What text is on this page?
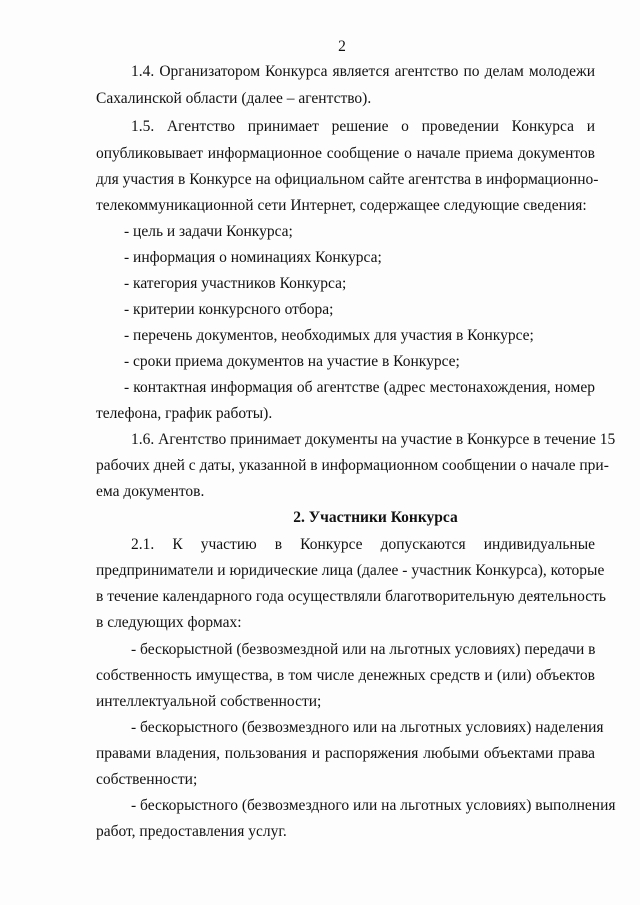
2
1.4. Организатором Конкурса является агентство по делам молодежи
Сахалинской области (далее – агентство).
1.5. Агентство принимает решение о проведении Конкурса и
опубликовывает информационное сообщение о начале приема документов
для участия в Конкурсе на официальном сайте агентства в информационно-
телекоммуникационной сети Интернет, содержащее следующие сведения:
- цель и задачи Конкурса;
- информация о номинациях Конкурса;
- категория участников Конкурса;
- критерии конкурсного отбора;
- перечень документов, необходимых для участия в Конкурсе;
- сроки приема документов на участие в Конкурсе;
- контактная информация об агентстве (адрес местонахождения, номер
телефона, график работы).
1.6. Агентство принимает документы на участие в Конкурсе в течение 15
рабочих дней с даты, указанной в информационном сообщении о начале при-
ема документов.
2. Участники Конкурса
2.1. К участию в Конкурсе допускаются индивидуальные
предприниматели и юридические лица (далее - участник Конкурса), которые
в течение календарного года осуществляли благотворительную деятельность
в следующих формах:
- бескорыстной (безвозмездной или на льготных условиях) передачи в
собственность имущества, в том числе денежных средств и (или) объектов
интеллектуальной собственности;
- бескорыстного (безвозмездного или на льготных условиях) наделения
правами владения, пользования и распоряжения любыми объектами права
собственности;
- бескорыстного (безвозмездного или на льготных условиях) выполнения
работ, предоставления услуг.
